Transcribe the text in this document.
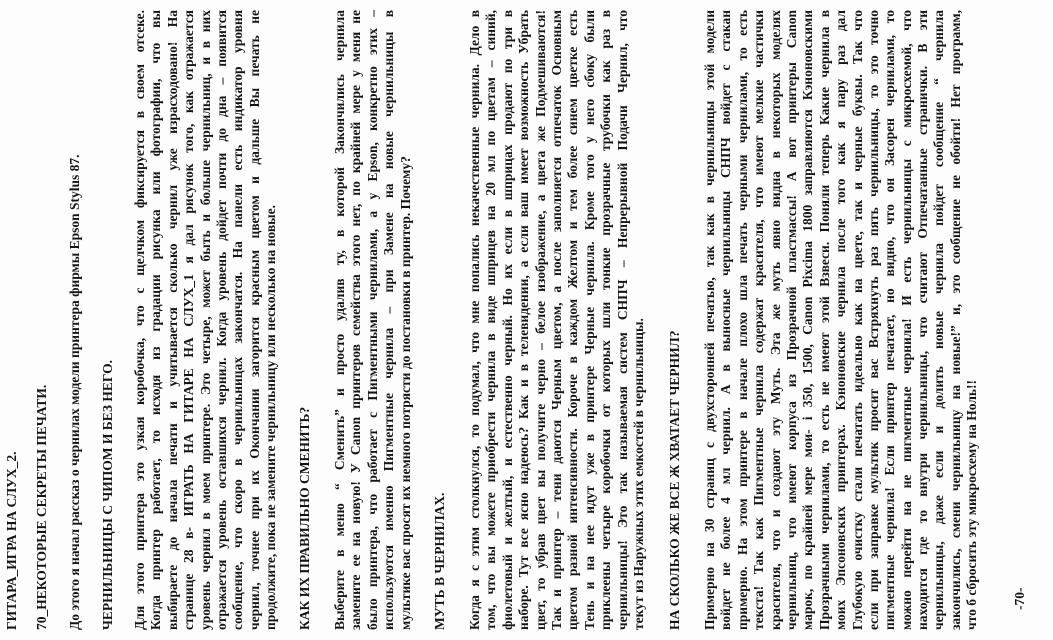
ГИТАРА_ИГРА НА СЛУХ_2. 70_НЕКОТОРЫЕ СЕКРЕТЫ ПЕЧАТИ. До этого я начал рассказ о чернилах модели принтера фирмы Epson Stylus 87. ЧЕРНИЛЬНИЦЫ С ЧИПОМ И БЕЗ НЕГО. Для этого принтера это узкая коробочка, что с щелчком фиксируется в своем отсеке. Когда принтер работает, то исходя из градации рисунка или фотографии, что вы выбираете до начала печати и учитывается сколько чернил уже израсходовано! На странице 28 в- ИГРАТЬ НА ГИТАРЕ НА СЛУХ_1 я дал рисунок того, как отражается уровень чернил в моем принтере. Это четыре, может быть и больше чернильниц, и в них отражается уровень оставшихся чернил. Когда уровень дойдет почти до дна – появится сообщение, что скоро в чернильницах закончатся. На панели есть индикатор уровня чернил, точнее при их Окончании загорится красным цветом и дальше Вы печать не продолжите, пока не замените чернильницу или несколько на новые. КАК ИХ ПРАВИЛЬНО СМЕНИТЬ? Выберите в меню “ Сменить” и просто удалив ту, в которой Закончились чернила замените ее на новую! У Canon принтеров семейства этого нет, по крайней мере у меня не было принтера, что работает с Пигментными чернилами, а у Epson, конкретно этих – используются именно Пигментные чернила – при Замене на новые чернильницы в мультике вас просят их немного потрясти до постановки в принтер. Почему? МУТЬ В ЧЕРНИЛАХ. Когда я с этим столкнулся, то подумал, что мне попались некачественные чернила. Дело в том, что вы можете приобрести чернила в виде шприцев на 20 мл по цветам – синий, фиолетовый и желтый, и естественно черный. Но их если в шприцах продают по три в наборе. Тут все ясно надеюсь? Как и в телевидении, а если ваш имеет возможность Убрать цвет, то убрав цвет вы получите черно – белое изображение, а цвета же Подмешиваются! Так и принтер – тени даются Черным цветом, а после заполняется отпечаток Основным цветом разной интенсивности. Короче в каждом Желтом и тем более синем цветке есть Тень и на нее идут уже в принтере Черные чернила. Кроме того у него сбоку были приклеены четыре коробочки от которых шли тонкие прозрачные трубочки как раз в чернильницы! Это так называемая систем СНПЧ – Непрерывной Подачи Чернил, что текут из Наружных этих емкостей в чернильницы. НА СКОЛЬКО ЖЕ ВСЕ Ж ХВАТАЕТ ЧЕРНИЛ? Примерно на 30 страниц с двухсторонней печатью, так как в чернильницы этой модели войдет не более 4 мл чернил. А в выносные чернильницы СНПЧ войдет с стакан примерно. На этом принтере в начале плохо шла печать черными чернилами, то есть текста! Так как Пигментные чернила содержат красителя, что имеют мелкие частички красителя, что и создают эту Муть. Эта же муть явно видна в некоторых моделях чернильниц, что имеют корпуса из Прозрачной пластмассы! А вот принтеры Canon марок, по крайней мере мои- i 350, 1500, Canon Pixcima 1800 заправляются Кэноновскими Прозрачными чернилами, то есть не имеют этой Взвеси. Поняли теперь Какие чернила в моих Эпсоновских принтерах. Кэноновские чернила после того как я пару раз дал Глубокую очистку стали печатать идеально как на цвете, так и черные буквы. Так что если при заправке мультик просит вас Встряхнуть раз пять чернильницы, то это точно пигментные чернила! Если принтер печатает, но видно, что он Засорен чернилами, то можно перейти на не пигментные чернила! И есть чернильницы с микросхемой, что находится где то внутри чернильницы, что считают Отпечатанные странички. В эти чернильницы, даже если и долить новые чернила пойдет сообщение “ чернила закончились, смени чернильницу на новые!” и, это сообщение не обойти! Нет программ, что б сбросить эту микросхему на Ноль!! -70-
